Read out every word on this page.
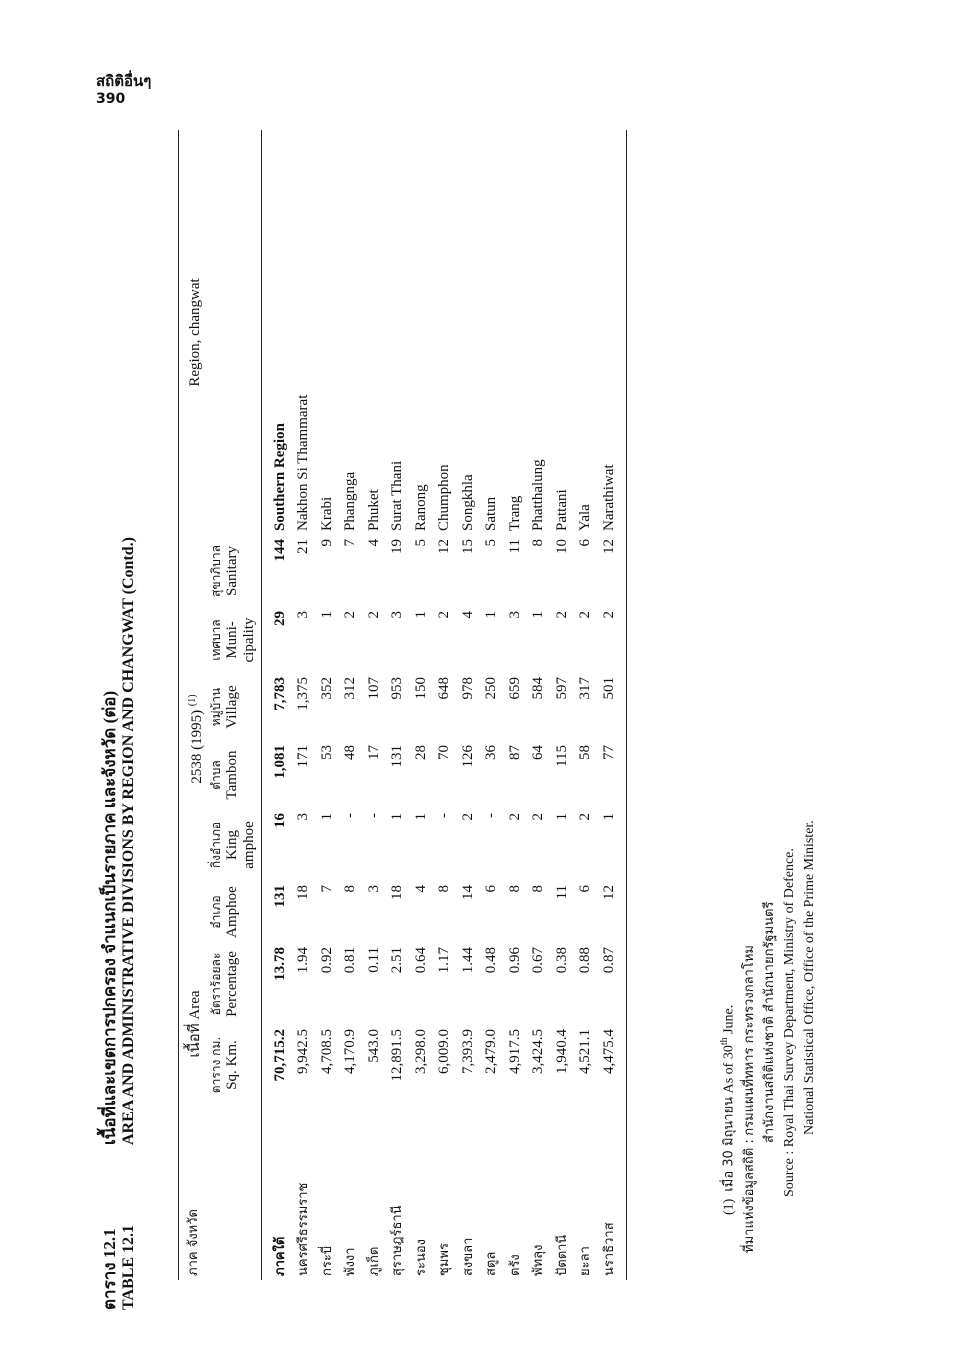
สถิติอื่นๆ
390
ตาราง 12.1เนื้อที่และเขตการปกครอง จำแนกเป็นรายภาค และจังหวัด (ต่อ)
TABLE 12.1AREA AND ADMINISTRATIVE DIVISIONS BY REGION AND CHANGWAT (Contd.)
ภาค จังหวัด	เนื้อที่ Area		2538 (1995) $^{(1)}$						Region, changwat

	ตาราง กม. Sq. Km.	อัตราร้อยละ Percentage	อำเภอ Amphoe	กิ่งอำเภอ King amphoe	ตำบล Tambon	หมู่บ้าน Village	เทศบาล Muni- cipality	สุขาภิบาล Sanitary	

ภาคใต้	70,715.2	13.78	131	16	1,081	7,783	29	144	Southern Region
นครศรีธรรมราช	9,942.5	1.94	18	3	171	1,375	3	21	Nakhon Si Thammarat
กระบี่	4,708.5	0.92	7	1	53	352	1	9	Krabi
พังงา	4,170.9	0.81	8	-	48	312	2	7	Phangnga
ภูเก็ต	543.0	0.11	3	-	17	107	2	4	Phuket
สุราษฎร์ธานี	12,891.5	2.51	18	1	131	953	3	19	Surat Thani
ระนอง	3,298.0	0.64	4	1	28	150	1	5	Ranong
ชุมพร	6,009.0	1.17	8	-	70	648	2	12	Chumphon
สงขลา	7,393.9	1.44	14	2	126	978	4	15	Songkhla
สตูล	2,479.0	0.48	6	-	36	250	1	5	Satun
ตรัง	4,917.5	0.96	8	2	87	659	3	11	Trang
พัทลุง	3,424.5	0.67	8	2	64	584	1	8	Phatthalung
ปัตตานี	1,940.4	0.38	11	1	115	597	2	10	Pattani
ยะลา	4,521.1	0.88	6	2	58	317	2	6	Yala
นราธิวาส	4,475.4	0.87	12	1	77	501	2	12	Narathiwat
(1)  เมื่อ 30 มิถุนายน As of 30th June.
ที่มาแห่งข้อมูลสถิติ : กรมแผนที่ทหาร กระทรวงกลาโหม สำนักงานสถิติแห่งชาติ สำนักนายกรัฐมนตรี
Source : Royal Thai Survey Department, Ministry of Defence. National Statistical Office, Office of the Prime Minister.
